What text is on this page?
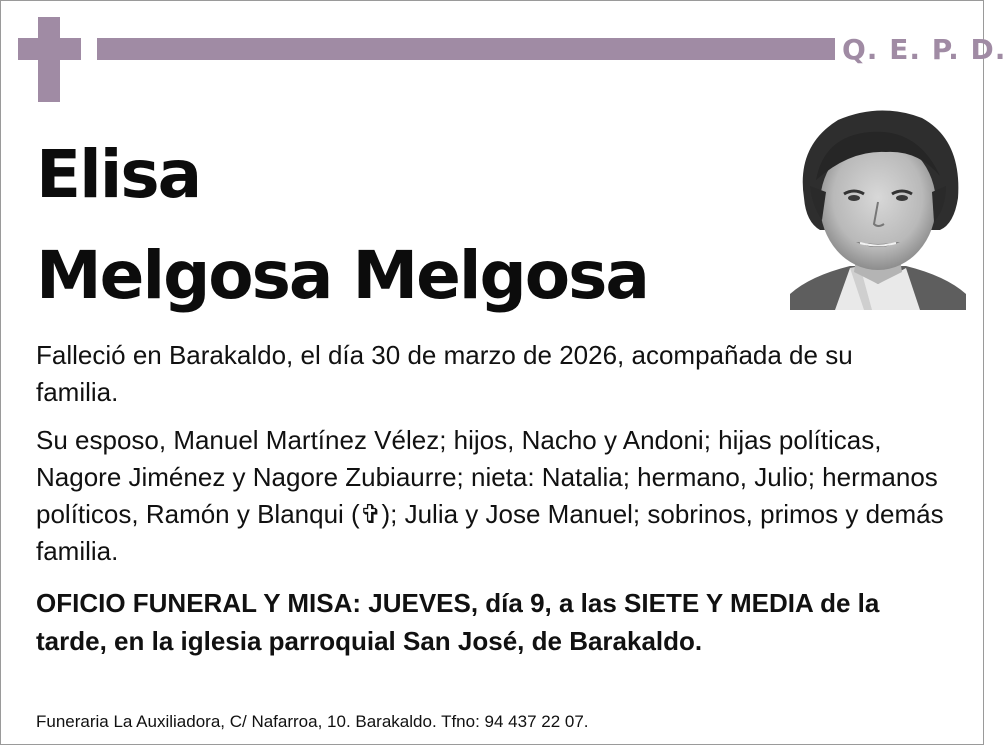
Q. E. P. D.
Elisa
Melgosa Melgosa

Falleció en Barakaldo, el día 30 de marzo de 2026, acompañada de su familia.

Su esposo, Manuel Martínez Vélez; hijos, Nacho y Andoni; hijas políticas, Nagore Jiménez y Nagore Zubiaurre; nieta: Natalia; hermano, Julio; hermanos políticos, Ramón y Blanqui (✞); Julia y Jose Manuel; sobrinos, primos y demás familia.

OFICIO FUNERAL Y MISA: JUEVES, día 9, a las SIETE Y MEDIA de la tarde, en la iglesia parroquial San José, de Barakaldo.

Funeraria La Auxiliadora, C/ Nafarroa, 10. Barakaldo. Tfno: 94 437 22 07.
